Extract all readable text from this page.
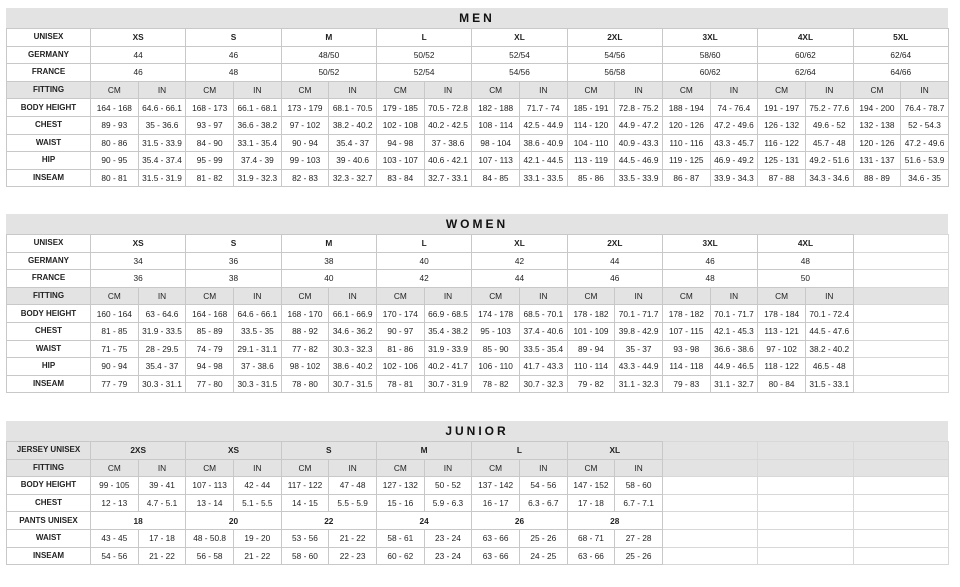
MEN
UNISEX	XS		S		M		L		XL		2XL		3XL		4XL		5XL	
GERMANY	44		46		48/50		50/52		52/54		54/56		58/60		60/62		62/64	
FRANCE	46		48		50/52		52/54		54/56		56/58		60/62		62/64		64/66	
FITTING	CM	IN	CM	IN	CM	IN	CM	IN	CM	IN	CM	IN	CM	IN	CM	IN	CM	IN
BODY HEIGHT	164 - 168	64.6 - 66.1	168 - 173	66.1 - 68.1	173 - 179	68.1 - 70.5	179 - 185	70.5 - 72.8	182 - 188	71.7 - 74	185 - 191	72.8 - 75.2	188 - 194	74 - 76.4	191 - 197	75.2 - 77.6	194 - 200	76.4 - 78.7
CHEST	89 - 93	35 - 36.6	93 - 97	36.6 - 38.2	97 - 102	38.2 - 40.2	102 - 108	40.2 - 42.5	108 - 114	42.5 - 44.9	114 - 120	44.9 - 47.2	120 - 126	47.2 - 49.6	126 - 132	49.6 - 52	132 - 138	52 - 54.3
WAIST	80 - 86	31.5 - 33.9	84 - 90	33.1 - 35.4	90 - 94	35.4 - 37	94 - 98	37 - 38.6	98 - 104	38.6 - 40.9	104 - 110	40.9 - 43.3	110 - 116	43.3 - 45.7	116 - 122	45.7 - 48	120 - 126	47.2 - 49.6
HIP	90 - 95	35.4 - 37.4	95 - 99	37.4 - 39	99 - 103	39 - 40.6	103 - 107	40.6 - 42.1	107 - 113	42.1 - 44.5	113 - 119	44.5 - 46.9	119 - 125	46.9 - 49.2	125 - 131	49.2 - 51.6	131 - 137	51.6 - 53.9
INSEAM	80 - 81	31.5 - 31.9	81 - 82	31.9 - 32.3	82 - 83	32.3 - 32.7	83 - 84	32.7 - 33.1	84 - 85	33.1 - 33.5	85 - 86	33.5 - 33.9	86 - 87	33.9 - 34.3	87 - 88	34.3 - 34.6	88 - 89	34.6 - 35
WOMEN
UNISEX	XS		S		M		L		XL		2XL		3XL		4XL		
GERMANY	34		36		38		40		42		44		46		48		
FRANCE	36		38		40		42		44		46		48		50		
FITTING	CM	IN	CM	IN	CM	IN	CM	IN	CM	IN	CM	IN	CM	IN	CM	IN	
BODY HEIGHT	160 - 164	63 - 64.6	164 - 168	64.6 - 66.1	168 - 170	66.1 - 66.9	170 - 174	66.9 - 68.5	174 - 178	68.5 - 70.1	178 - 182	70.1 - 71.7	178 - 182	70.1 - 71.7	178 - 184	70.1 - 72.4	
CHEST	81 - 85	31.9 - 33.5	85 - 89	33.5 - 35	88 - 92	34.6 - 36.2	90 - 97	35.4 - 38.2	95 - 103	37.4 - 40.6	101 - 109	39.8 - 42.9	107 - 115	42.1 - 45.3	113 - 121	44.5 - 47.6	
WAIST	71 - 75	28 - 29.5	74 - 79	29.1 - 31.1	77 - 82	30.3 - 32.3	81 - 86	31.9 - 33.9	85 - 90	33.5 - 35.4	89 - 94	35 - 37	93 - 98	36.6 - 38.6	97 - 102	38.2 - 40.2	
HIP	90 - 94	35.4 - 37	94 - 98	37 - 38.6	98 - 102	38.6 - 40.2	102 - 106	40.2 - 41.7	106 - 110	41.7 - 43.3	110 - 114	43.3 - 44.9	114 - 118	44.9 - 46.5	118 - 122	46.5 - 48	
INSEAM	77 - 79	30.3 - 31.1	77 - 80	30.3 - 31.5	78 - 80	30.7 - 31.5	78 - 81	30.7 - 31.9	78 - 82	30.7 - 32.3	79 - 82	31.1 - 32.3	79 - 83	31.1 - 32.7	80 - 84	31.5 - 33.1	
JUNIOR
JERSEY UNISEX	2XS		XS		S		M		L		XL				
FITTING	CM	IN	CM	IN	CM	IN	CM	IN	CM	IN	CM	IN			
BODY HEIGHT	99 - 105	39 - 41	107 - 113	42 - 44	117 - 122	47 - 48	127 - 132	50 - 52	137 - 142	54 - 56	147 - 152	58 - 60			
CHEST	12 - 13	4.7 - 5.1	13 - 14	5.1 - 5.5	14 - 15	5.5 - 5.9	15 - 16	5.9 - 6.3	16 - 17	6.3 - 6.7	17 - 18	6.7 - 7.1			
PANTS UNISEX	18		20		22		24		26		28				
WAIST	43 - 45	17 - 18	48 - 50.8	19 - 20	53 - 56	21 - 22	58 - 61	23 - 24	63 - 66	25 - 26	68 - 71	27 - 28			
INSEAM	54 - 56	21 - 22	56 - 58	21 - 22	58 - 60	22 - 23	60 - 62	23 - 24	63 - 66	24 - 25	63 - 66	25 - 26			
